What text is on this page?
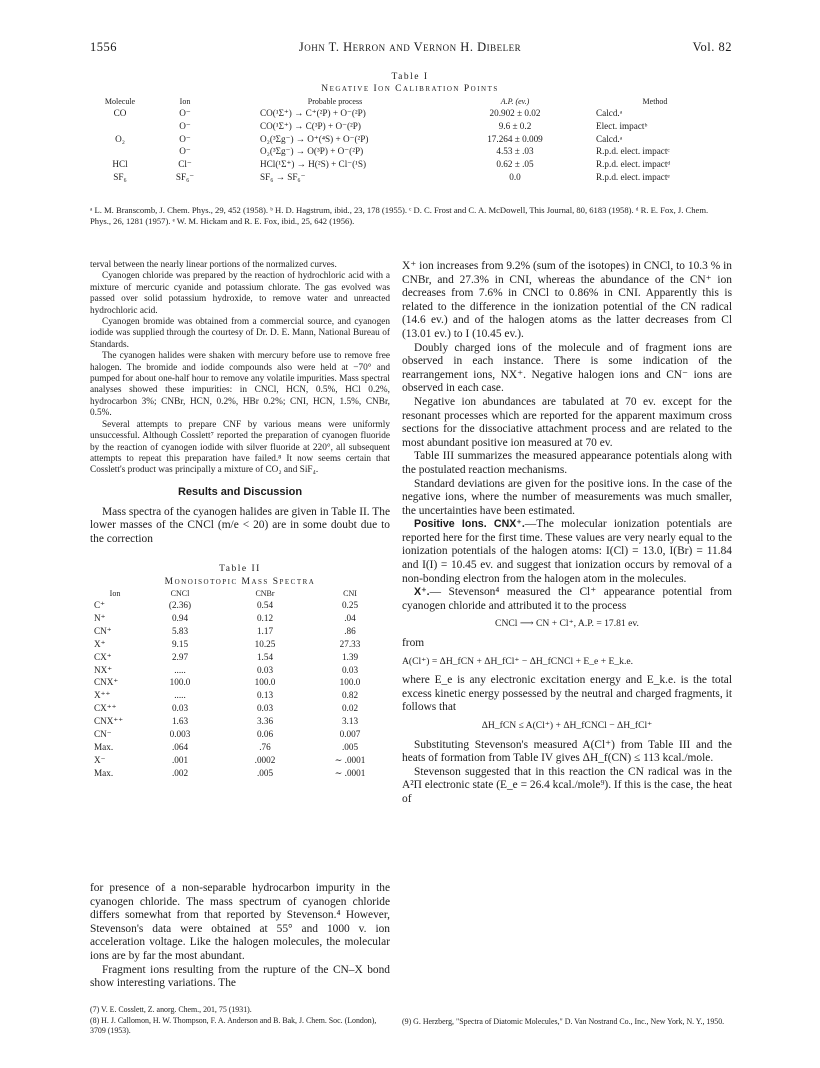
1556	John T. Herron and Vernon H. Dibeler	Vol. 82
Table I
Negative Ion Calibration Points
Molecule	Ion	Probable process	A.P. (ev.)	Method
CO	O⁻	CO(¹Σ⁺) → C⁺(²P) + O⁻(²P)	20.902 ± 0.02	Calcd.ᵃ
	O⁻	CO(¹Σ⁺) → C(³P) + O⁻(²P)	9.6 ± 0.2	Elect. impactᵇ
O₂	O⁻	O₂(³Σg⁻) → O⁺(⁴S) + O⁻(²P)	17.264 ± 0.009	Calcd.ᵃ
	O⁻	O₂(³Σg⁻) → O(³P) + O⁻(²P)	4.53 ± .03	R.p.d. elect. impactᶜ
HCl	Cl⁻	HCl(¹Σ⁺) → H(²S) + Cl⁻(¹S)	0.62 ± .05	R.p.d. elect. impactᵈ
SF₆	SF₆⁻	SF₆ → SF₆⁻	0.0	R.p.d. elect. impactᵉ
ᵃ L. M. Branscomb, J. Chem. Phys., 29, 452 (1958). ᵇ H. D. Hagstrum, ibid., 23, 178 (1955). ᶜ D. C. Frost and C. A. McDowell, This Journal, 80, 6183 (1958). ᵈ R. E. Fox, J. Chem. Phys., 26, 1281 (1957). ᵉ W. M. Hickam and R. E. Fox, ibid., 25, 642 (1956).

terval between the nearly linear portions of the normalized curves.

Cyanogen chloride was prepared by the reaction of hydrochloric acid with a mixture of mercuric cyanide and potassium chlorate. The gas evolved was passed over solid potassium hydroxide, to remove water and unreacted hydrochloric acid.

Cyanogen bromide was obtained from a commercial source, and cyanogen iodide was supplied through the courtesy of Dr. D. E. Mann, National Bureau of Standards.

The cyanogen halides were shaken with mercury before use to remove free halogen. The bromide and iodide compounds also were held at −70° and pumped for about one-half hour to remove any volatile impurities. Mass spectral analyses showed these impurities: in CNCl, HCN, 0.5%, HCl 0.2%, hydrocarbon 3%; CNBr, HCN, 0.2%, HBr 0.2%; CNI, HCN, 1.5%, CNBr, 0.5%.

Several attempts to prepare CNF by various means were uniformly unsuccessful. Although Cosslett⁷ reported the preparation of cyanogen fluoride by the reaction of cyanogen iodide with silver fluoride at 220°, all subsequent attempts to repeat this preparation have failed.⁸ It now seems certain that Cosslett's product was principally a mixture of CO₂ and SiF₄.

Results and Discussion

Mass spectra of the cyanogen halides are given in Table II. The lower masses of the CNCl (m/e < 20) are in some doubt due to the correction

Table II
Monoisotopic Mass Spectra
Ion	CNCl	CNBr	CNI
C⁺	(2.36)	0.54	0.25
N⁺	0.94	0.12	.04
CN⁺	5.83	1.17	.86
X⁺	9.15	10.25	27.33
CX⁺	2.97	1.54	1.39
NX⁺	.....	0.03	0.03
CNX⁺	100.0	100.0	100.0
X⁺⁺	.....	0.13	0.82
CX⁺⁺	0.03	0.03	0.02
CNX⁺⁺	1.63	3.36	3.13
CN⁻	0.003	0.06	0.007
Max.	.064	.76	.005
X⁻	.001	.0002	∼ .0001
Max.	.002	.005	∼ .0001

for presence of a non-separable hydrocarbon impurity in the cyanogen chloride. The mass spectrum of cyanogen chloride differs somewhat from that reported by Stevenson.⁴ However, Stevenson's data were obtained at 55° and 1000 v. ion acceleration voltage. Like the halogen molecules, the molecular ions are by far the most abundant.

Fragment ions resulting from the rupture of the CN–X bond show interesting variations. The

(7) V. E. Cosslett, Z. anorg. Chem., 201, 75 (1931).
(8) H. J. Callomon, H. W. Thompson, F. A. Anderson and B. Bak, J. Chem. Soc. (London), 3709 (1953).

X⁺ ion increases from 9.2% (sum of the isotopes) in CNCl, to 10.3 % in CNBr, and 27.3% in CNI, whereas the abundance of the CN⁺ ion decreases from 7.6% in CNCl to 0.86% in CNI. Apparently this is related to the difference in the ionization potential of the CN radical (14.6 ev.) and of the halogen atoms as the latter decreases from Cl (13.01 ev.) to I (10.45 ev.).

Doubly charged ions of the molecule and of fragment ions are observed in each instance. There is some indication of the rearrangement ions, NX⁺. Negative halogen ions and CN⁻ ions are observed in each case.

Negative ion abundances are tabulated at 70 ev. except for the resonant processes which are reported for the apparent maximum cross sections for the dissociative attachment process and are related to the most abundant positive ion measured at 70 ev.

Table III summarizes the measured appearance potentials along with the postulated reaction mechanisms.

Standard deviations are given for the positive ions. In the case of the negative ions, where the number of measurements was much smaller, the uncertainties have been estimated.

Positive Ions. CNX⁺.—The molecular ionization potentials are reported here for the first time. These values are very nearly equal to the ionization potentials of the halogen atoms: I(Cl) = 13.0, I(Br) = 11.84 and I(I) = 10.45 ev. and suggest that ionization occurs by removal of a non-bonding electron from the halogen atom in the molecules.

X⁺.— Stevenson⁴ measured the Cl⁺ appearance potential from cyanogen chloride and attributed it to the process

CNCl ⟶ CN + Cl⁺, A.P. = 17.81 ev.

from

A(Cl⁺) = ΔH_fCN + ΔH_fCl⁺ − ΔH_fCNCl + E_e + E_k.e.

where E_e is any electronic excitation energy and E_k.e. is the total excess kinetic energy possessed by the neutral and charged fragments, it follows that

ΔH_fCN ≤ A(Cl⁺) + ΔH_fCNCl − ΔH_fCl⁺

Substituting Stevenson's measured A(Cl⁺) from Table III and the heats of formation from Table IV gives ΔH_f(CN) ≤ 113 kcal./mole.

Stevenson suggested that in this reaction the CN radical was in the A²Π electronic state (E_e = 26.4 kcal./mole⁹). If this is the case, the heat of

(9) G. Herzberg, "Spectra of Diatomic Molecules," D. Van Nostrand Co., Inc., New York, N. Y., 1950.
